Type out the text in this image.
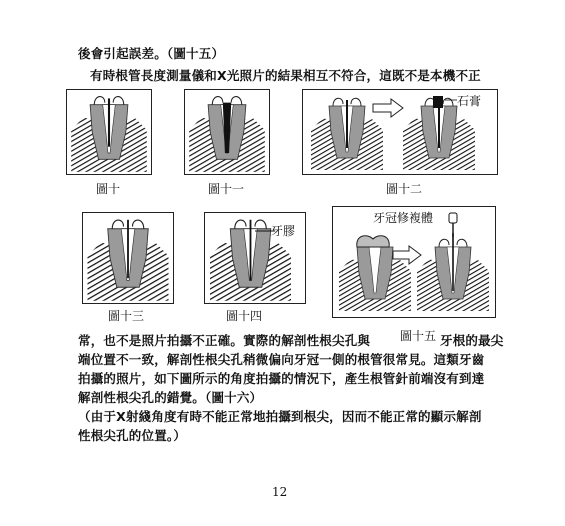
後會引起誤差。（圖十五）
有時根管長度測量儀和X光照片的結果相互不符合，這既不是本機不正
圖十	圖十一
石膏
圖十二
圖十三
牙膠
圖十四
牙冠修複體
圖十五
常，也不是照片拍攝不正確。實際的解剖性根尖孔與	牙根的最尖
端位置不一致，解剖性根尖孔稍微偏向牙冠一側的根管很常見。這類牙齒
拍攝的照片，如下圖所示的角度拍攝的情況下，產生根管針前端沒有到達
解剖性根尖孔的錯覺。（圖十六）
（由于X射綫角度有時不能正常地拍攝到根尖，因而不能正常的顯示解剖
性根尖孔的位置。）
12
